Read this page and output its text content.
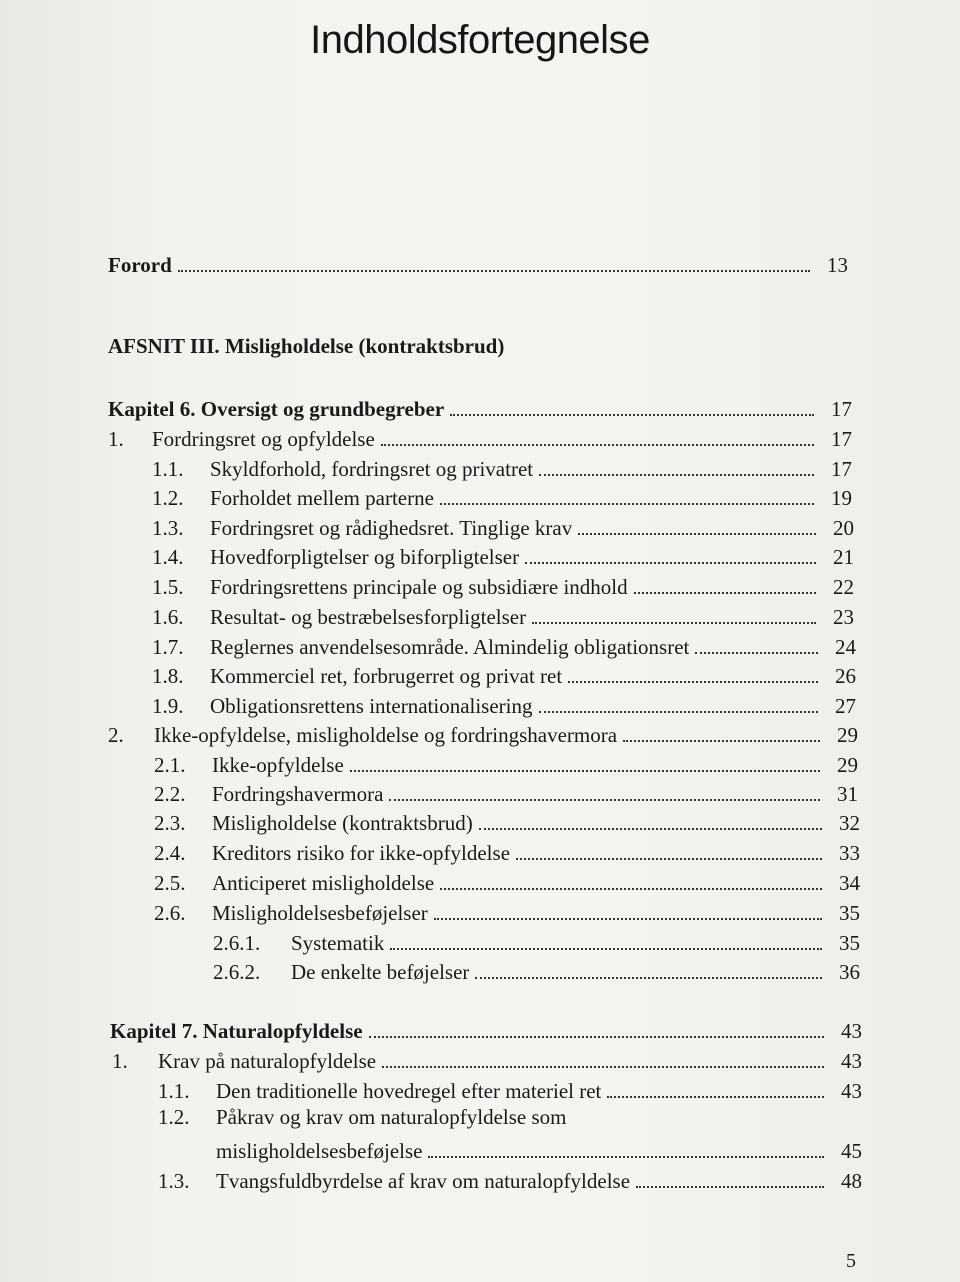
Indholdsfortegnelse
Forord	13
AFSNIT III. Misligholdelse (kontraktsbrud)
Kapitel 6. Oversigt og grundbegreber	17
1.	Fordringsret og opfyldelse	17
1.1.	Skyldforhold, fordringsret og privatret	17
1.2.	Forholdet mellem parterne	19
1.3.	Fordringsret og rådighedsret. Tinglige krav	20
1.4.	Hovedforpligtelser og biforpligtelser	21
1.5.	Fordringsrettens principale og subsidiære indhold	22
1.6.	Resultat- og bestræbelsesforpligtelser	23
1.7.	Reglernes anvendelsesområde. Almindelig obligationsret	24
1.8.	Kommerciel ret, forbrugerret og privat ret	26
1.9.	Obligationsrettens internationalisering	27
2.	Ikke-opfyldelse, misligholdelse og fordringshavermora	29
2.1.	Ikke-opfyldelse	29
2.2.	Fordringshavermora	31
2.3.	Misligholdelse (kontraktsbrud)	32
2.4.	Kreditors risiko for ikke-opfyldelse	33
2.5.	Anticiperet misligholdelse	34
2.6.	Misligholdelsesbeføjelser	35
2.6.1.	Systematik	35
2.6.2.	De enkelte beføjelser	36
Kapitel 7. Naturalopfyldelse	43
1.	Krav på naturalopfyldelse	43
1.1.	Den traditionelle hovedregel efter materiel ret	43
1.2. Påkrav og krav om naturalopfyldelse som
misligholdelsesbeføjelse	45
1.3.	Tvangsfuldbyrdelse af krav om naturalopfyldelse	48
5
